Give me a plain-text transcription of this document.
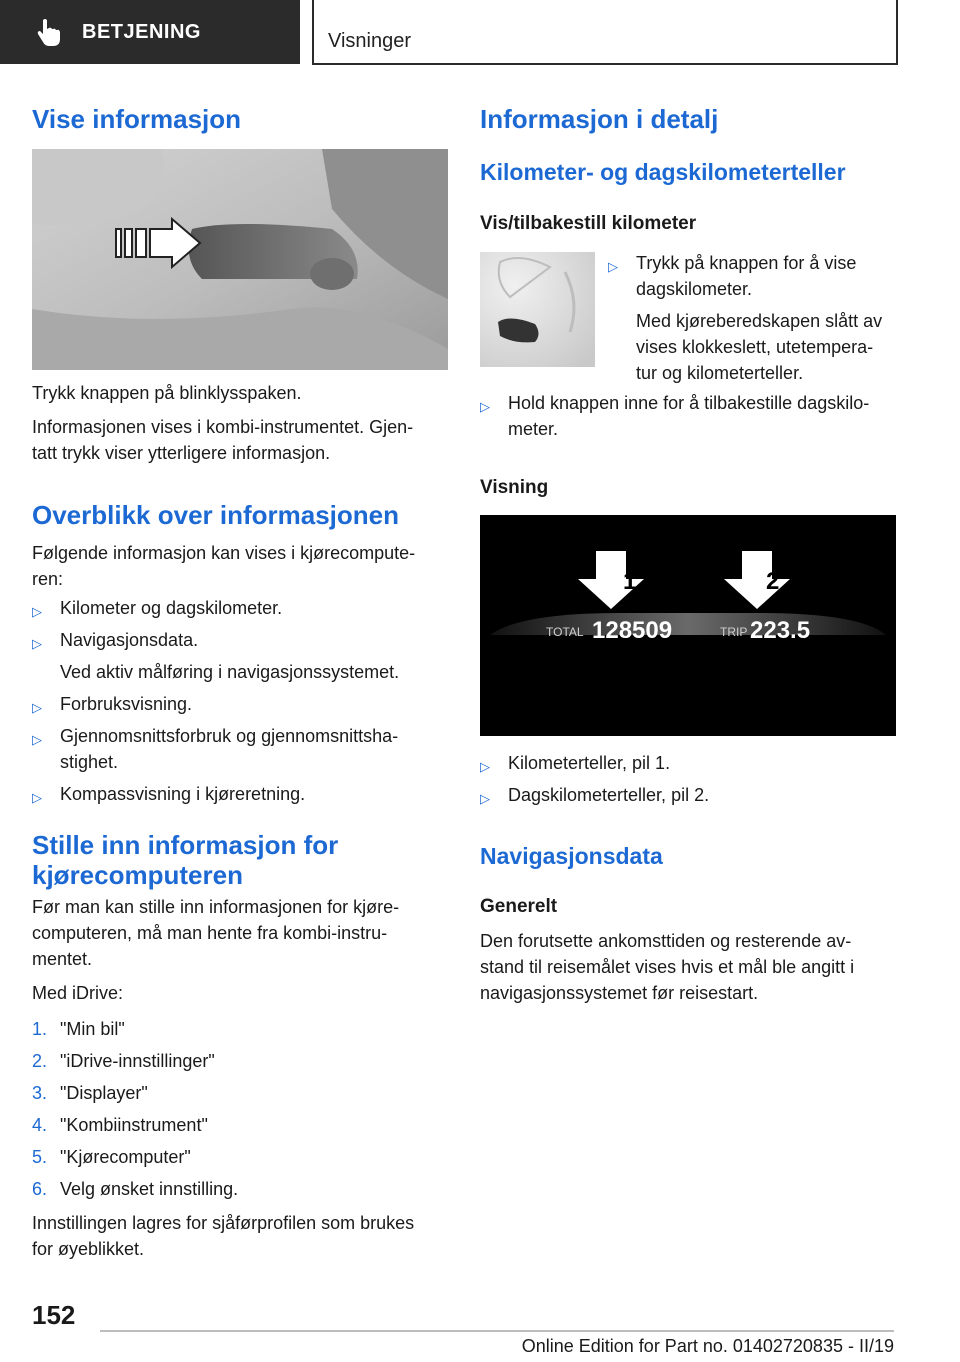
BETJENING	Visninger
Vise informasjon
Trykk knappen på blinklysspaken.
Informasjonen vises i kombi-instrumentet. Gjen-
tatt trykk viser ytterligere informasjon.
Overblikk over informasjonen
Følgende informasjon kan vises i kjørecompute-
ren:
▷ Kilometer og dagskilometer.
▷ Navigasjonsdata.
Ved aktiv målføring i navigasjonssystemet.
▷ Forbruksvisning.
▷ Gjennomsnittsforbruk og gjennomsnittsha-
stighet.
▷ Kompassvisning i kjøreretning.
Stille inn informasjon for
kjørecomputeren
Før man kan stille inn informasjonen for kjøre-
computeren, må man hente fra kombi-instru-
mentet.
Med iDrive:
1. "Min bil"
2. "iDrive-innstillinger"
3. "Displayer"
4. "Kombiinstrument"
5. "Kjørecomputer"
6. Velg ønsket innstilling.
Innstillingen lagres for sjåførprofilen som brukes
for øyeblikket.
Informasjon i detalj
Kilometer- og dagskilometerteller
Vis/tilbakestill kilometer
▷ Trykk på knappen for å vise
dagskilometer.
Med kjøreberedskapen slått av
vises klokkeslett, utetempera-
tur og kilometerteller.
▷ Hold knappen inne for å tilbakestille dagskilo-
meter.
Visning
1	2
TOTAL 128509	TRIP 223.5
▷ Kilometerteller, pil 1.
▷ Dagskilometerteller, pil 2.
Navigasjonsdata
Generelt
Den forutsette ankomsttiden og resterende av-
stand til reisemålet vises hvis et mål ble angitt i
navigasjonssystemet før reisestart.
152
Online Edition for Part no. 01402720835 - II/19
